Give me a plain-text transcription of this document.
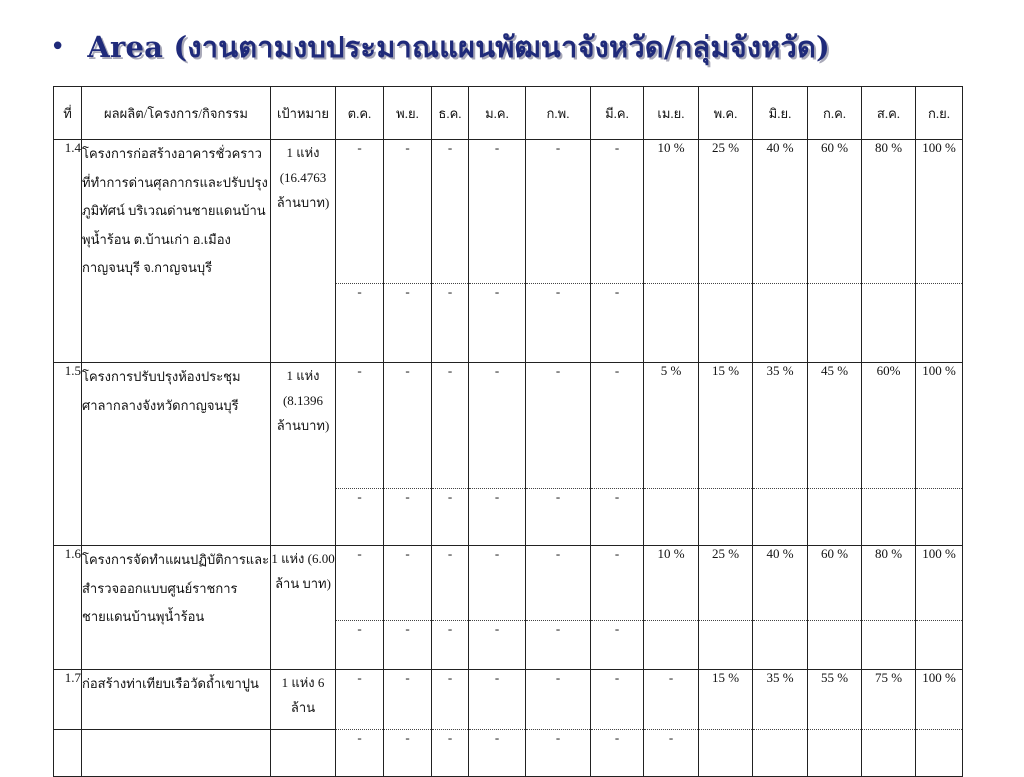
• Area (งานตามงบประมาณแผนพัฒนาจังหวัด/กลุ่มจังหวัด)
ที่	ผลผลิต/โครงการ/กิจกรรม	เป้าหมาย	ต.ค.	พ.ย.	ธ.ค.	ม.ค.	ก.พ.	มี.ค.	เม.ย.	พ.ค.	มิ.ย.	ก.ค.	ส.ค.	ก.ย.
1.4	โครงการก่อสร้างอาคารชั่วคราวที่ทำการด่านศุลกากรและปรับปรุงภูมิทัศน์ บริเวณด่านชายแดนบ้านพุน้ำร้อน ต.บ้านเก่า อ.เมืองกาญจนบุรี จ.กาญจนบุรี	1 แห่ง (16.4763 ล้านบาท)	-	-	-	-	-	-	10 %	25 %	40 %	60 %	80 %	100 %
			-	-	-	-	-	-						
1.5	โครงการปรับปรุงห้องประชุมศาลากลางจังหวัดกาญจนบุรี	1 แห่ง (8.1396 ล้านบาท)	-	-	-	-	-	-	5 %	15 %	35 %	45 %	60%	100 %
			-	-	-	-	-	-						
1.6	โครงการจัดทำแผนปฏิบัติการและสำรวจออกแบบศูนย์ราชการชายแดนบ้านพุน้ำร้อน	1 แห่ง (6.00 ล้าน บาท)	-	-	-	-	-	-	10 %	25 %	40 %	60 %	80 %	100 %
			-	-	-	-	-	-						
1.7	ก่อสร้างท่าเทียบเรือวัดถ้ำเขาปูน	1 แห่ง 6 ล้าน	-	-	-	-	-	-	-	15 %	35 %	55 %	75 %	100 %
			-	-	-	-	-	-	-					
